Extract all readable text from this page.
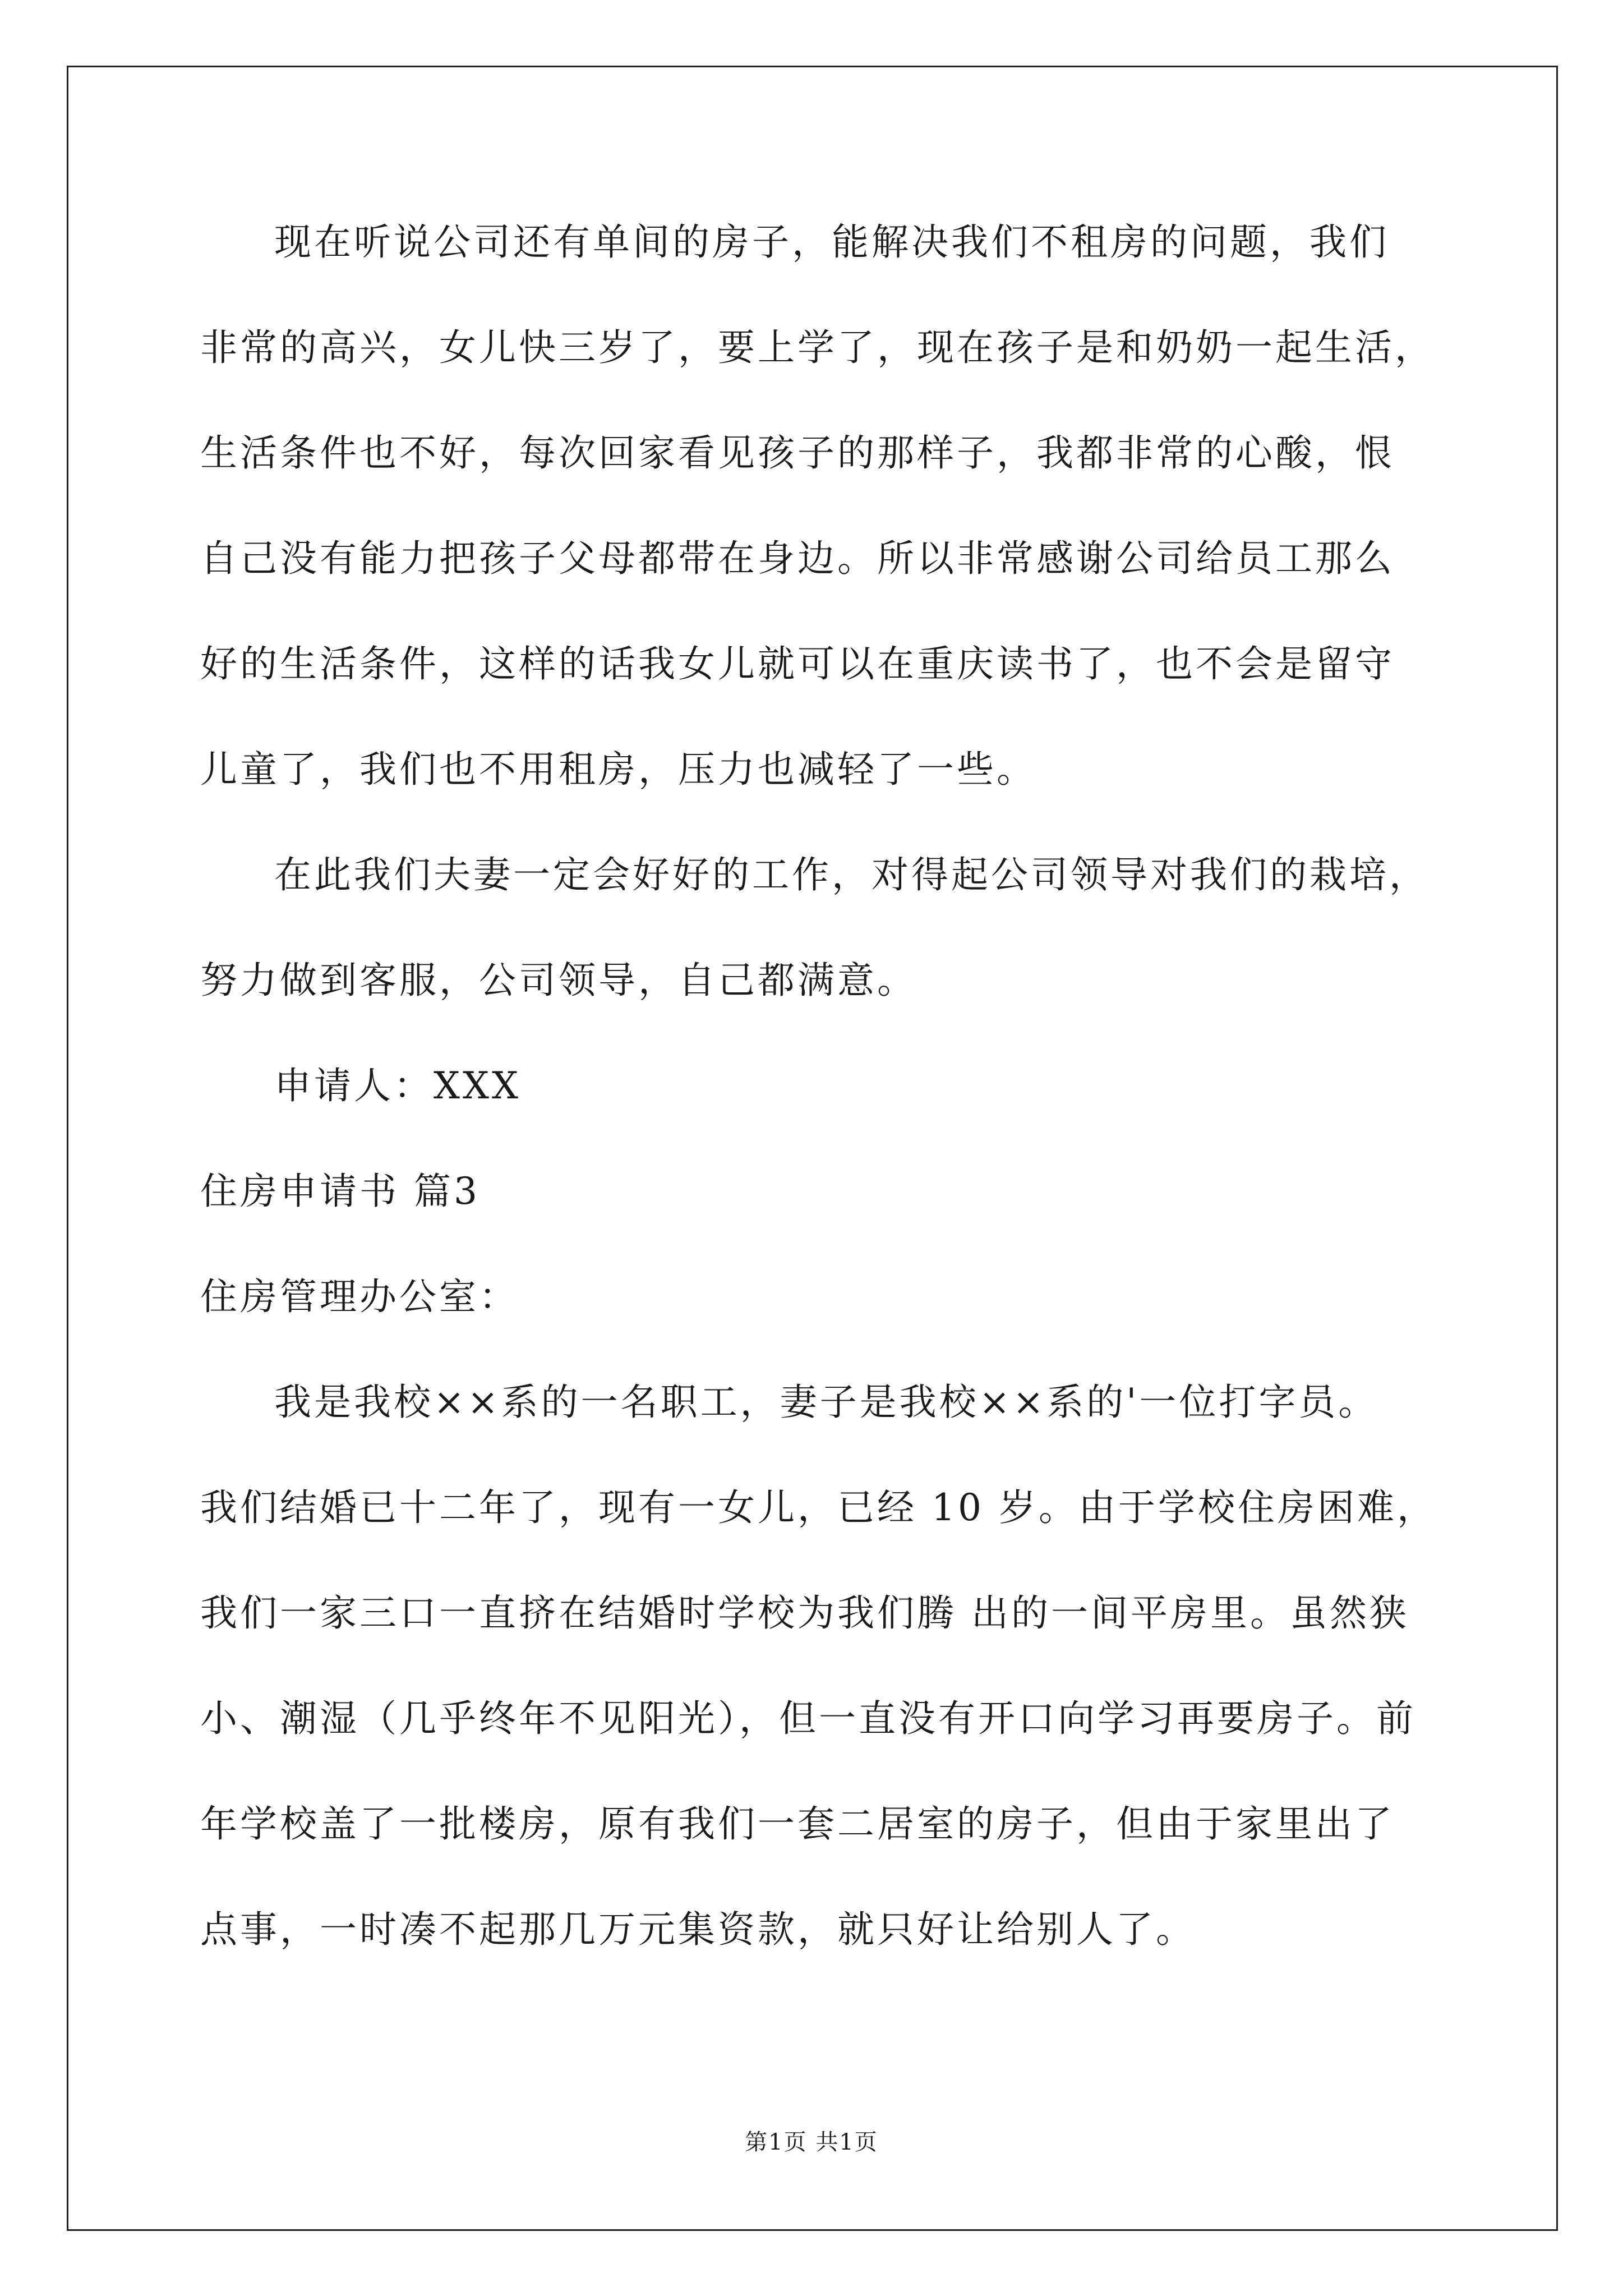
现在听说公司还有单间的房子，能解决我们不租房的问题，我们
非常的高兴，女儿快三岁了，要上学了，现在孩子是和奶奶一起生活，
生活条件也不好，每次回家看见孩子的那样子，我都非常的心酸，恨
自己没有能力把孩子父母都带在身边。所以非常感谢公司给员工那么
好的生活条件，这样的话我女儿就可以在重庆读书了，也不会是留守
儿童了，我们也不用租房，压力也减轻了一些。
在此我们夫妻一定会好好的工作，对得起公司领导对我们的栽培，
努力做到客服，公司领导，自己都满意。
申请人：XXX
住房申请书 篇3
住房管理办公室：
我是我校××系的一名职工，妻子是我校××系的'一位打字员。
我们结婚已十二年了，现有一女儿，已经 10 岁。由于学校住房困难，
我们一家三口一直挤在结婚时学校为我们腾 出的一间平房里。虽然狭
小、潮湿（几乎终年不见阳光），但一直没有开口向学习再要房子。前
年学校盖了一批楼房，原有我们一套二居室的房子，但由于家里出了
点事，一时凑不起那几万元集资款，就只好让给别人了。
第1页 共1页
